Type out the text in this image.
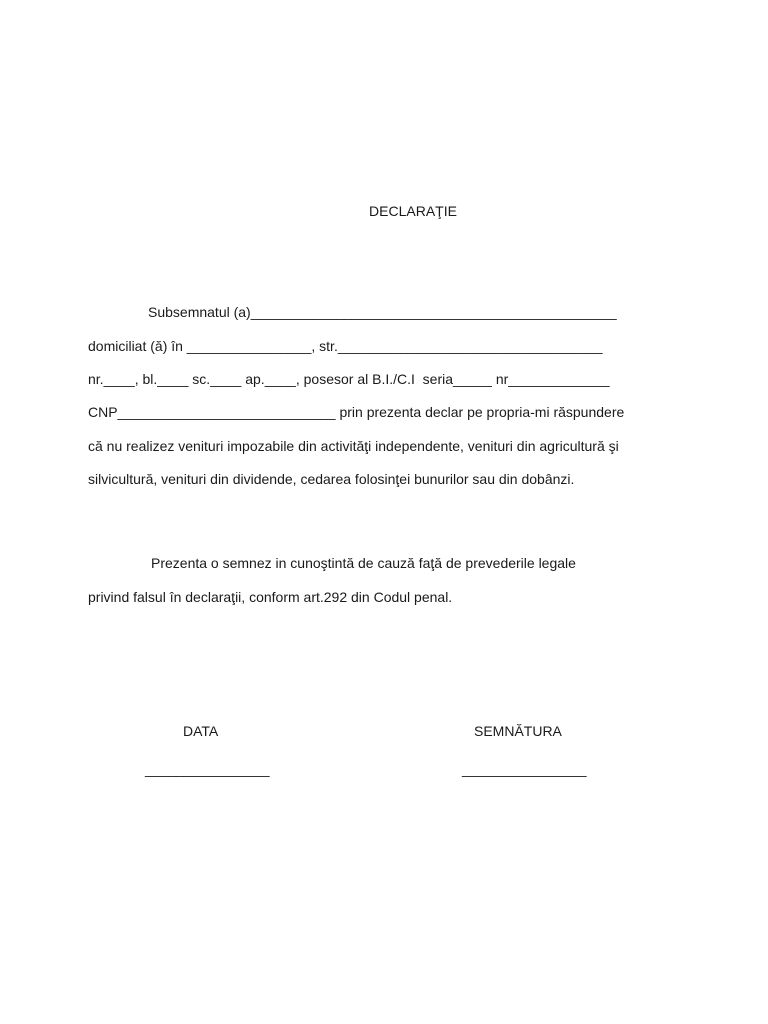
DECLARAŢIE
Subsemnatul (a)_______________________________________________
domiciliat (ă) în ________________, str.__________________________________
nr.____, bl.____ sc.____ ap.____, posesor al B.I./C.I  seria_____ nr_____________
CNP____________________________ prin prezenta declar pe propria-mi răspundere
că nu realizez venituri impozabile din activităţi independente, venituri din agricultură şi
silvicultură, venituri din dividende, cedarea folosinţei bunurilor sau din dobânzi.
Prezenta o semnez in cunoştintă de cauză faţă de prevederile legale
privind falsul în declaraţii, conform art.292 din Codul penal.
DATA	SEMNĂTURA
________________	________________
